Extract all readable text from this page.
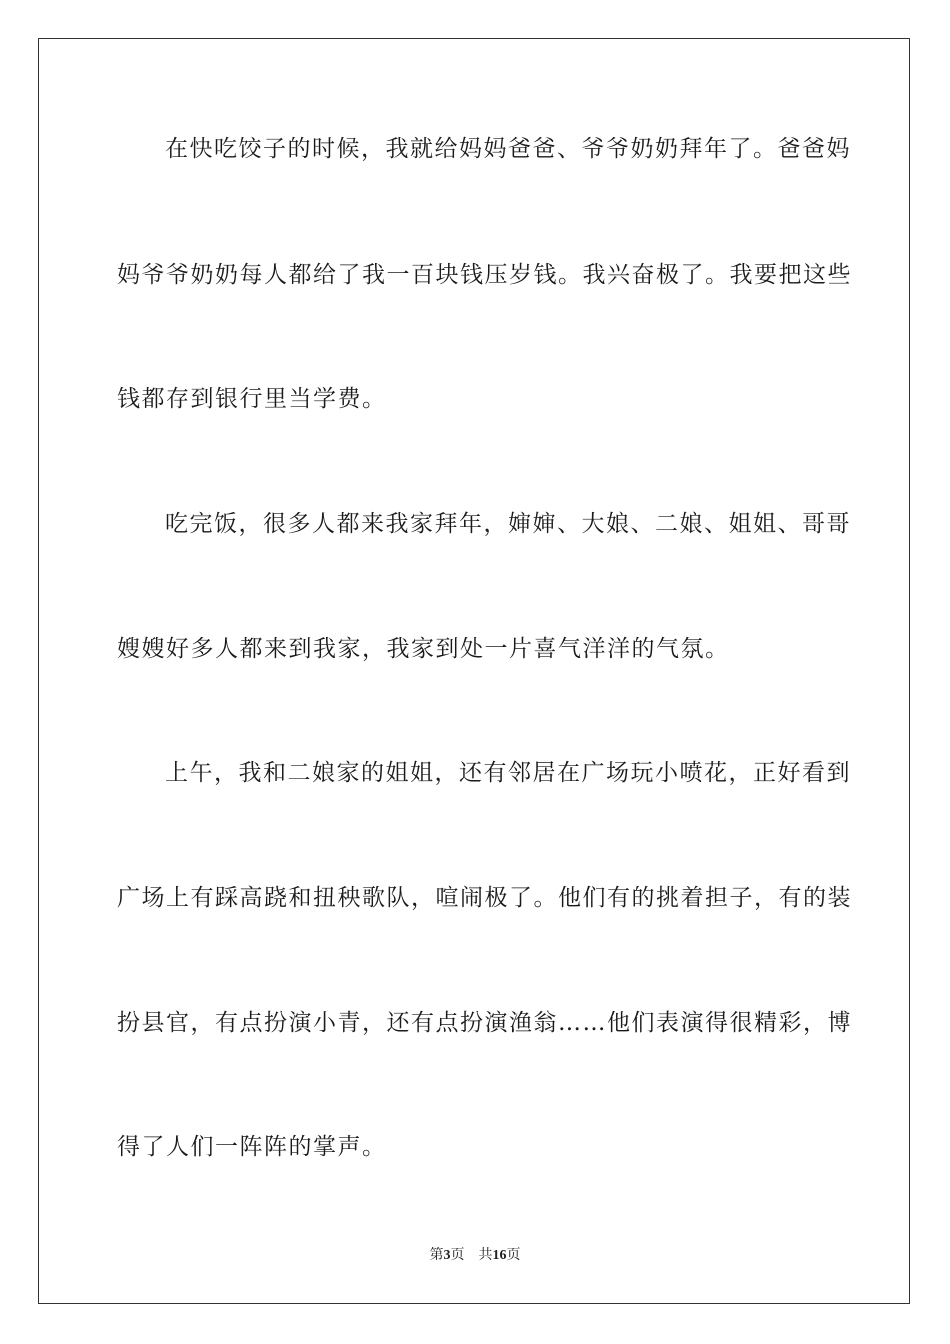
在快吃饺子的时候，我就给妈妈爸爸、爷爷奶奶拜年了。爸爸妈
妈爷爷奶奶每人都给了我一百块钱压岁钱。我兴奋极了。我要把这些
钱都存到银行里当学费。
吃完饭，很多人都来我家拜年，婶婶、大娘、二娘、姐姐、哥哥
嫂嫂好多人都来到我家，我家到处一片喜气洋洋的气氛。
上午，我和二娘家的姐姐，还有邻居在广场玩小喷花，正好看到
广场上有踩高跷和扭秧歌队，喧闹极了。他们有的挑着担子，有的装
扮县官，有点扮演小青，还有点扮演渔翁……他们表演得很精彩，博
得了人们一阵阵的掌声。
第3页 共16页
